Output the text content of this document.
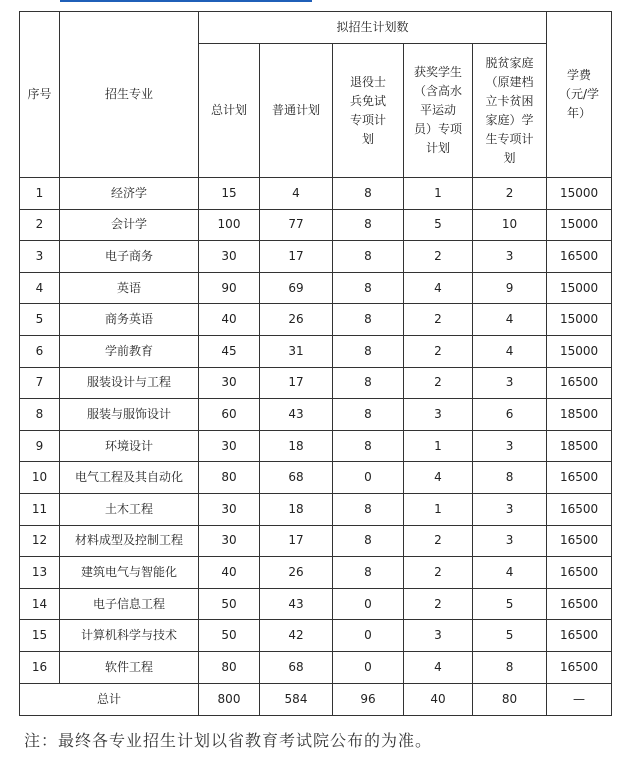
序号	招生专业	拟招生计划数					学费（元/学年）
		总计划	普通计划	退役士兵免试专项计划	获奖学生（含高水平运动员）专项计划	脱贫家庭（原建档立卡贫困家庭）学生专项计划	
1	经济学	15	4	8	1	2	15000
2	会计学	100	77	8	5	10	15000
3	电子商务	30	17	8	2	3	16500
4	英语	90	69	8	4	9	15000
5	商务英语	40	26	8	2	4	15000
6	学前教育	45	31	8	2	4	15000
7	服装设计与工程	30	17	8	2	3	16500
8	服装与服饰设计	60	43	8	3	6	18500
9	环境设计	30	18	8	1	3	18500
10	电气工程及其自动化	80	68	0	4	8	16500
11	土木工程	30	18	8	1	3	16500
12	材料成型及控制工程	30	17	8	2	3	16500
13	建筑电气与智能化	40	26	8	2	4	16500
14	电子信息工程	50	43	0	2	5	16500
15	计算机科学与技术	50	42	0	3	5	16500
16	软件工程	80	68	0	4	8	16500
总计		800	584	96	40	80	—
注：最终各专业招生计划以省教育考试院公布的为准。
